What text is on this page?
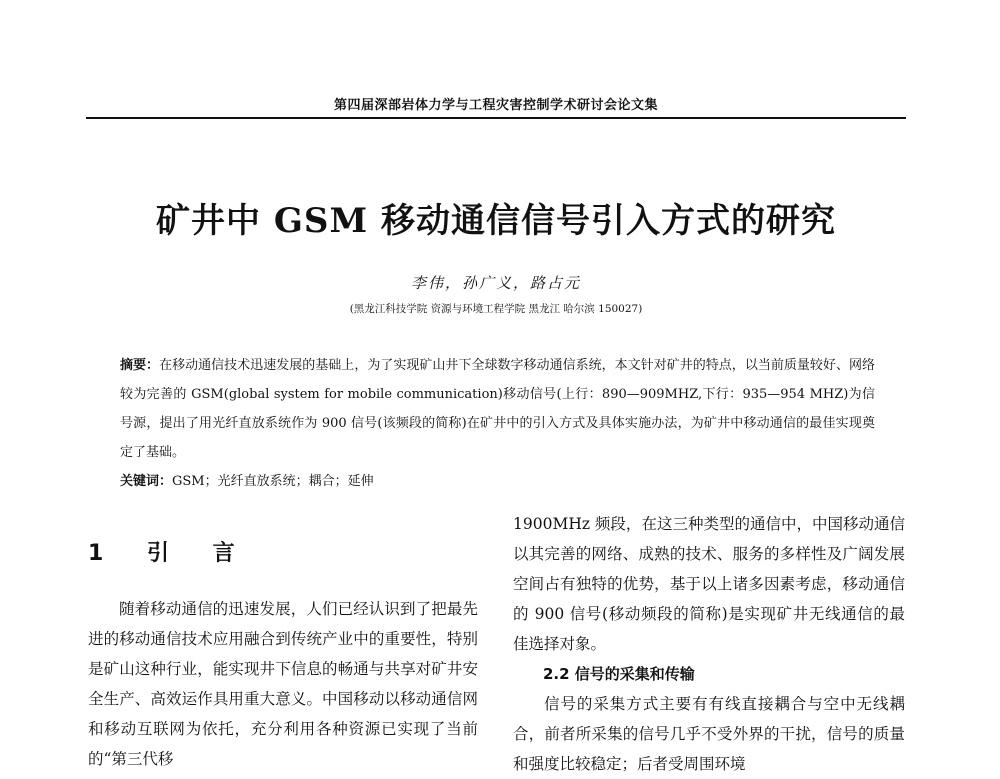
第四届深部岩体力学与工程灾害控制学术研讨会论文集
矿井中 GSM 移动通信信号引入方式的研究
李伟，孙广义，路占元
(黑龙江科技学院 资源与环境工程学院 黑龙江 哈尔滨 150027)

摘要：在移动通信技术迅速发展的基础上，为了实现矿山井下全球数字移动通信系统，本文针对矿井的特点，以当前质量较好、网络较为完善的 GSM(global system for mobile communication)移动信号(上行：890—909MHZ,下行：935—954 MHZ)为信号源，提出了用光纤直放系统作为 900 信号(该频段的简称)在矿井中的引入方式及具体实施办法，为矿井中移动通信的最佳实现奠定了基础。

关键词：GSM；光纤直放系统；耦合；延伸

1 引 言

随着移动通信的迅速发展，人们已经认识到了把最先进的移动通信技术应用融合到传统产业中的重要性，特别是矿山这种行业，能实现井下信息的畅通与共享对矿井安全生产、高效运作具用重大意义。中国移动以移动通信网和移动互联网为依托，充分利用各种资源已实现了当前的“第三代移

1900MHz 频段，在这三种类型的通信中，中国移动通信以其完善的网络、成熟的技术、服务的多样性及广阔发展空间占有独特的优势，基于以上诸多因素考虑，移动通信的 900 信号(移动频段的简称)是实现矿井无线通信的最佳选择对象。

2.2 信号的采集和传输

信号的采集方式主要有有线直接耦合与空中无线耦合，前者所采集的信号几乎不受外界的干扰，信号的质量和强度比较稳定；后者受周围环境
